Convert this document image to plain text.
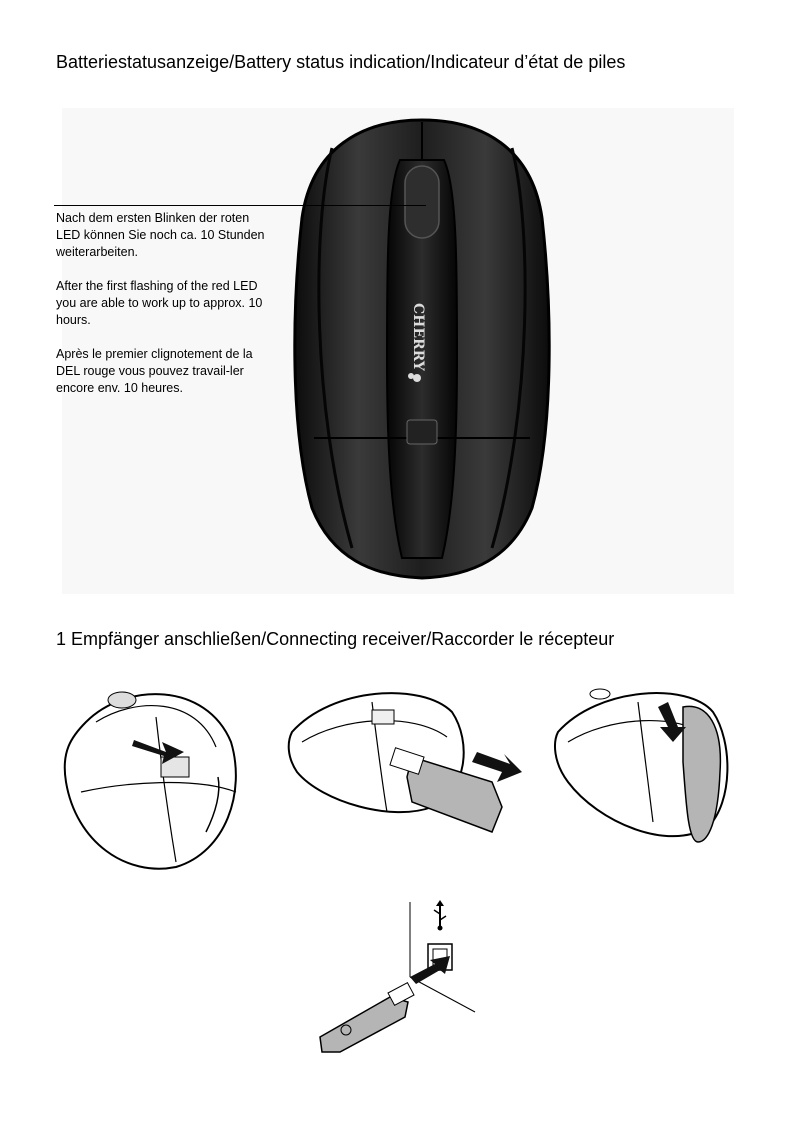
Batteriestatusanzeige/Battery status indication/Indicateur d’état de piles
CHERRY

Nach dem ersten Blinken der roten LED können Sie noch ca. 10 Stunden weiterarbeiten.

After the first flashing of the red LED you are able to work up to approx. 10 hours.

Après le premier clignotement de la DEL rouge vous pouvez travail-ler encore env. 10 heures.

1 Empfänger anschließen/Connecting receiver/Raccorder le récepteur
